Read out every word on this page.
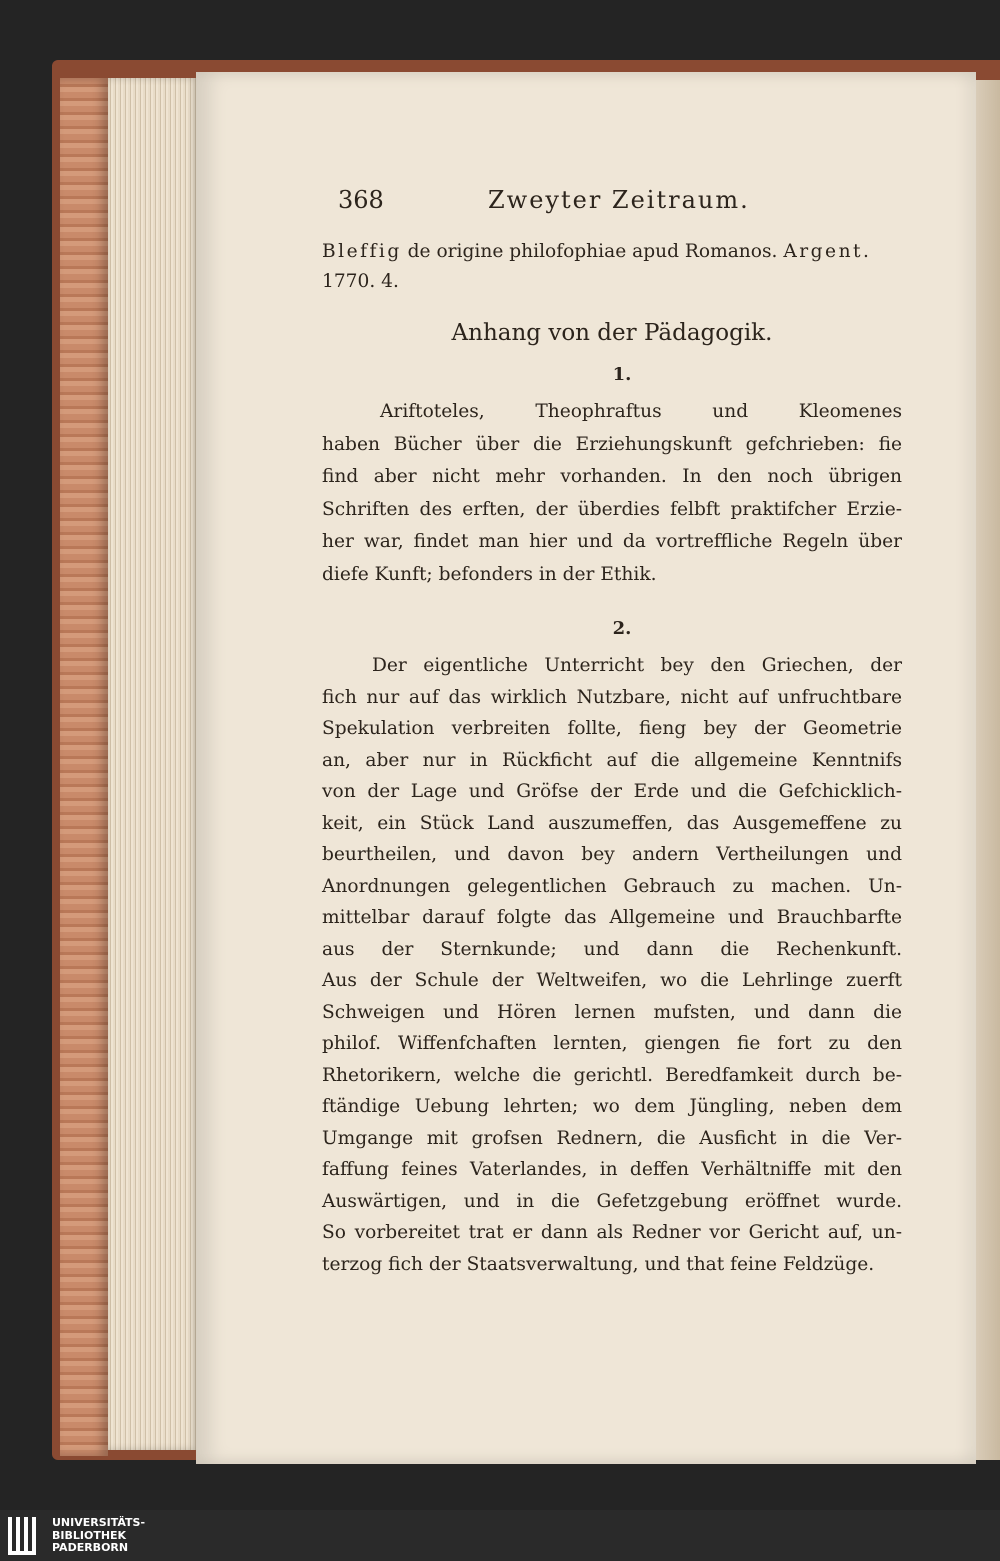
368	Zweyter Zeitraum.
Bleffig de origine philofophiae apud Romanos. Argent.
1770. 4.
Anhang von der Pädagogik.
1.
Ariftoteles, Theophraftus und Kleomenes
haben Bücher über die Erziehungskunft gefchrieben: fie
find aber nicht mehr vorhanden. In den noch übrigen
Schriften des erften, der überdies felbft praktifcher Erzie-
her war, findet man hier und da vortreffliche Regeln über
diefe Kunft; befonders in der Ethik.
2.
Der eigentliche Unterricht bey den Griechen, der
fich nur auf das wirklich Nutzbare, nicht auf unfruchtbare
Spekulation verbreiten follte, fieng bey der Geometrie
an, aber nur in Rückficht auf die allgemeine Kenntnifs
von der Lage und Gröfse der Erde und die Gefchicklich-
keit, ein Stück Land auszumeffen, das Ausgemeffene zu
beurtheilen, und davon bey andern Vertheilungen und
Anordnungen gelegentlichen Gebrauch zu machen. Un-
mittelbar darauf folgte das Allgemeine und Brauchbarfte
aus der Sternkunde; und dann die Rechenkunft.
Aus der Schule der Weltweifen, wo die Lehrlinge zuerft
Schweigen und Hören lernen mufsten, und dann die
philof. Wiffenfchaften lernten, giengen fie fort zu den
Rhetorikern, welche die gerichtl. Beredfamkeit durch be-
ftändige Uebung lehrten; wo dem Jüngling, neben dem
Umgange mit grofsen Rednern, die Ausficht in die Ver-
faffung feines Vaterlandes, in deffen Verhältniffe mit den
Auswärtigen, und in die Gefetzgebung eröffnet wurde.
So vorbereitet trat er dann als Redner vor Gericht auf, un-
terzog fich der Staatsverwaltung, und that feine Feldzüge.
UNIVERSITÄTS-
BIBLIOTHEK
PADERBORN
